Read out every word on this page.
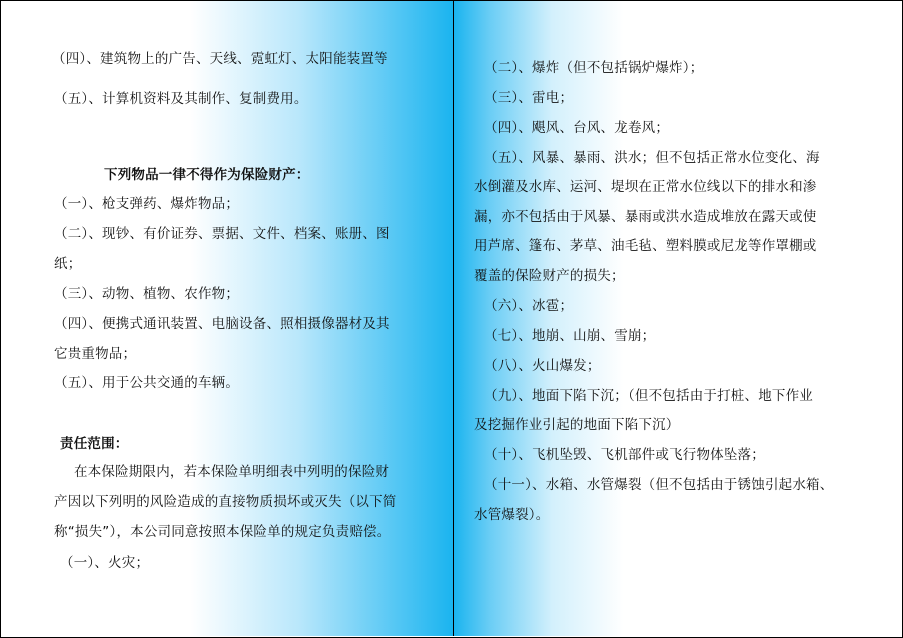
（四）、建筑物上的广告、天线、霓虹灯、太阳能装置等
（五）、计算机资料及其制作、复制费用。
下列物品一律不得作为保险财产：
（一）、枪支弹药、爆炸物品；
（二）、现钞、有价证券、票据、文件、档案、账册、图
纸；
（三）、动物、植物、农作物；
（四）、便携式通讯装置、电脑设备、照相摄像器材及其
它贵重物品；
（五）、用于公共交通的车辆。
责任范围：
在本保险期限内，若本保险单明细表中列明的保险财
产因以下列明的风险造成的直接物质损坏或灭失（以下简
称“损失”），本公司同意按照本保险单的规定负责赔偿。
（一）、火灾；
（二）、爆炸（但不包括锅炉爆炸）；
（三）、雷电；
（四）、飓风、台风、龙卷风；
（五）、风暴、暴雨、洪水；但不包括正常水位变化、海
水倒灌及水库、运河、堤坝在正常水位线以下的排水和渗
漏，亦不包括由于风暴、暴雨或洪水造成堆放在露天或使
用芦席、篷布、茅草、油毛毡、塑料膜或尼龙等作罩棚或
覆盖的保险财产的损失；
（六）、冰雹；
（七）、地崩、山崩、雪崩；
（八）、火山爆发；
（九）、地面下陷下沉；（但不包括由于打桩、地下作业
及挖掘作业引起的地面下陷下沉）
（十）、飞机坠毁、飞机部件或飞行物体坠落；
（十一）、水箱、水管爆裂（但不包括由于锈蚀引起水箱、
水管爆裂）。
